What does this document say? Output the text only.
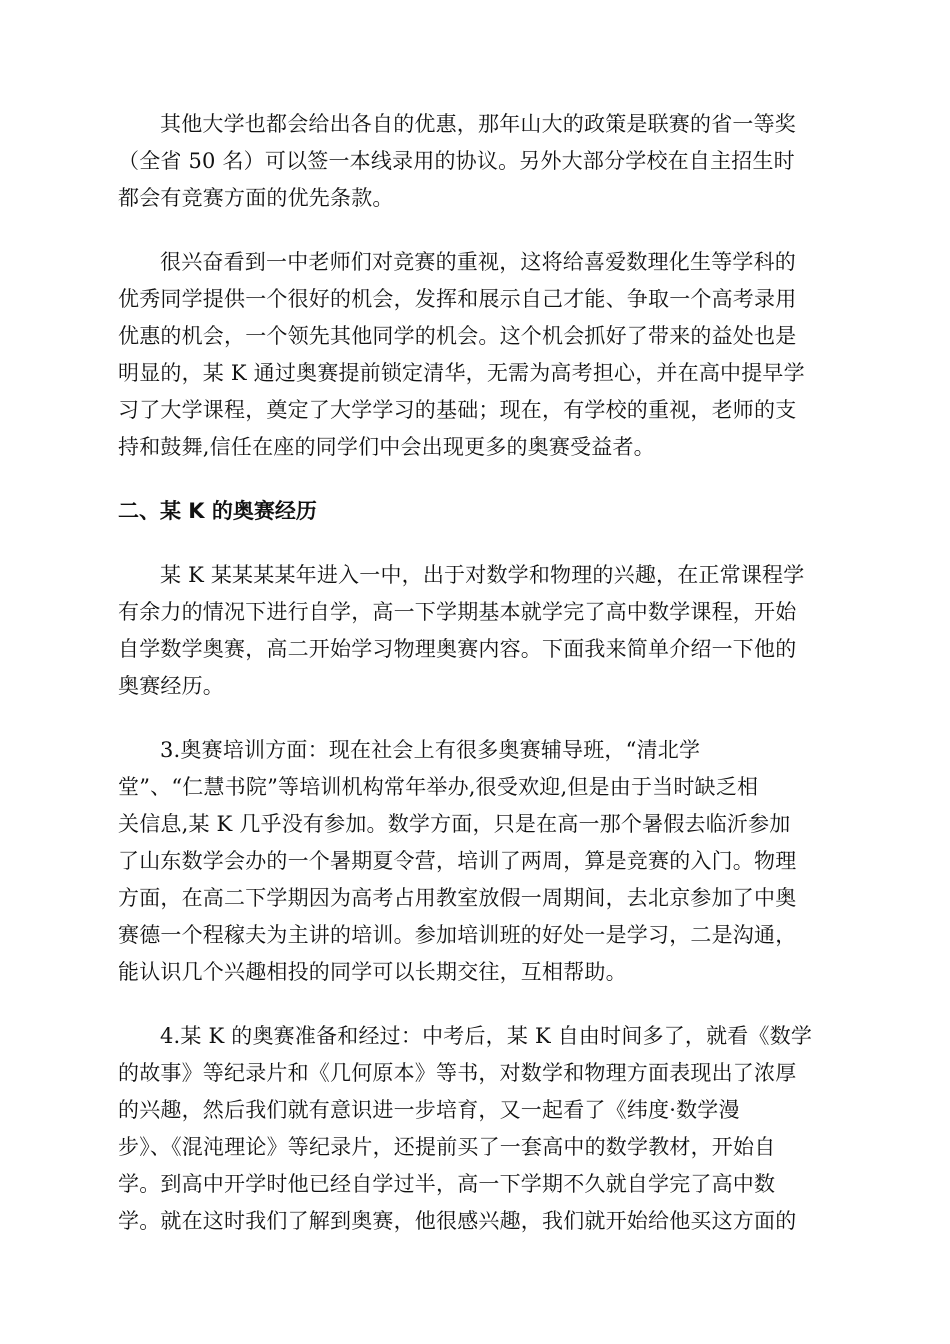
其他大学也都会给出各自的优惠，那年山大的政策是联赛的省一等奖
（全省 50 名）可以签一本线录用的协议。另外大部分学校在自主招生时
都会有竞赛方面的优先条款。
很兴奋看到一中老师们对竞赛的重视，这将给喜爱数理化生等学科的
优秀同学提供一个很好的机会，发挥和展示自己才能、争取一个高考录用
优惠的机会，一个领先其他同学的机会。这个机会抓好了带来的益处也是
明显的，某 K 通过奥赛提前锁定清华，无需为高考担心，并在高中提早学
习了大学课程，奠定了大学学习的基础；现在，有学校的重视，老师的支
持和鼓舞,信任在座的同学们中会出现更多的奥赛受益者。
二、某 K 的奥赛经历
某 K 某某某某年进入一中，出于对数学和物理的兴趣，在正常课程学
有余力的情况下进行自学，高一下学期基本就学完了高中数学课程，开始
自学数学奥赛，高二开始学习物理奥赛内容。下面我来简单介绍一下他的
奥赛经历。
3.奥赛培训方面：现在社会上有很多奥赛辅导班，“清北学
堂”、“仁慧书院”等培训机构常年举办,很受欢迎,但是由于当时缺乏相
关信息,某 K 几乎没有参加。数学方面，只是在高一那个暑假去临沂参加
了山东数学会办的一个暑期夏令营，培训了两周，算是竞赛的入门。物理
方面，在高二下学期因为高考占用教室放假一周期间，去北京参加了中奥
赛德一个程稼夫为主讲的培训。参加培训班的好处一是学习，二是沟通，
能认识几个兴趣相投的同学可以长期交往，互相帮助。
4.某 K 的奥赛准备和经过：中考后，某 K 自由时间多了，就看《数学
的故事》等纪录片和《几何原本》等书，对数学和物理方面表现出了浓厚
的兴趣，然后我们就有意识进一步培育，又一起看了《纬度·数学漫
步》、《混沌理论》等纪录片，还提前买了一套高中的数学教材，开始自
学。到高中开学时他已经自学过半，高一下学期不久就自学完了高中数
学。就在这时我们了解到奥赛，他很感兴趣，我们就开始给他买这方面的
